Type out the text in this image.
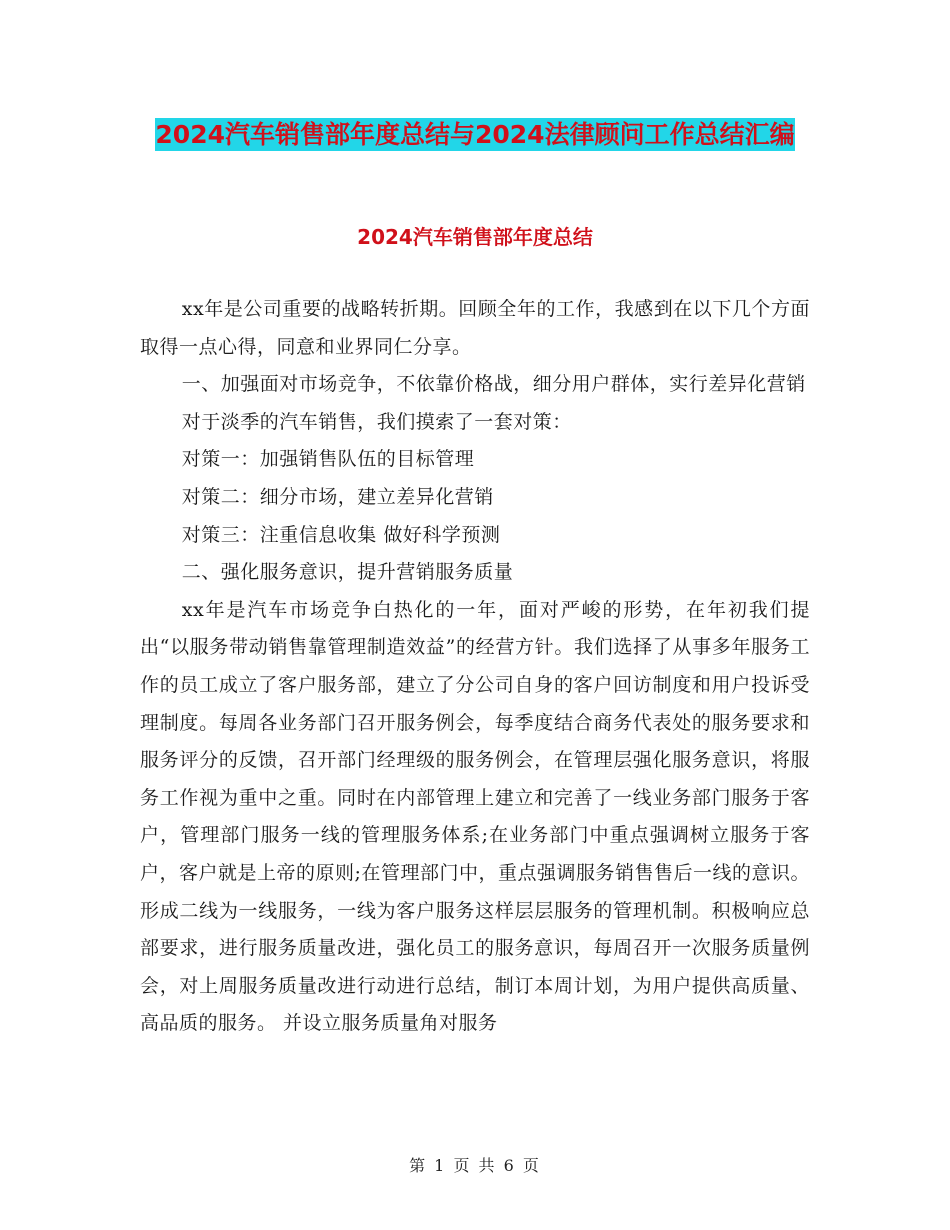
2024汽车销售部年度总结与2024法律顾问工作总结汇编
2024汽车销售部年度总结

xx年是公司重要的战略转折期。回顾全年的工作，我感到在以下几个方面取得一点心得，同意和业界同仁分享。

一、加强面对市场竞争，不依靠价格战，细分用户群体，实行差异化营销

对于淡季的汽车销售，我们摸索了一套对策：

对策一：加强销售队伍的目标管理

对策二：细分市场，建立差异化营销

对策三：注重信息收集 做好科学预测

二、强化服务意识，提升营销服务质量

xx年是汽车市场竞争白热化的一年，面对严峻的形势，在年初我们提出“以服务带动销售靠管理制造效益”的经营方针。我们选择了从事多年服务工作的员工成立了客户服务部，建立了分公司自身的客户回访制度和用户投诉受理制度。每周各业务部门召开服务例会，每季度结合商务代表处的服务要求和服务评分的反馈，召开部门经理级的服务例会，在管理层强化服务意识，将服务工作视为重中之重。同时在内部管理上建立和完善了一线业务部门服务于客户，管理部门服务一线的管理服务体系;在业务部门中重点强调树立服务于客户，客户就是上帝的原则;在管理部门中，重点强调服务销售售后一线的意识。形成二线为一线服务，一线为客户服务这样层层服务的管理机制。积极响应总部要求，进行服务质量改进，强化员工的服务意识，每周召开一次服务质量例会，对上周服务质量改进行动进行总结，制订本周计划，为用户提供高质量、高品质的服务。 并设立服务质量角对服务

第 1 页 共 6 页
